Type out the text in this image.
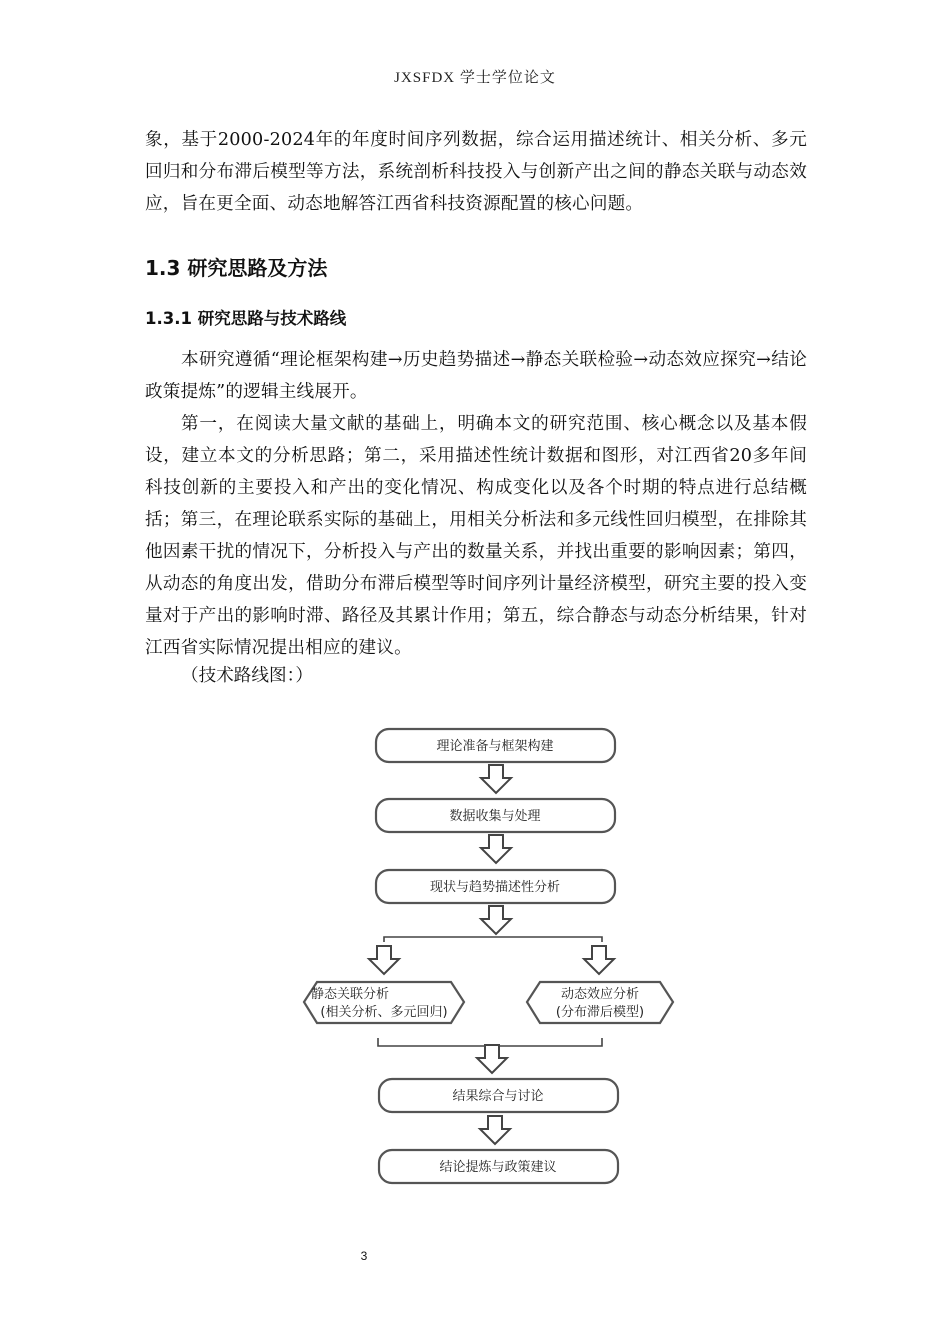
JXSFDX 学士学位论文
象，基于2000-2024年的年度时间序列数据，综合运用描述统计、相关分析、多元回归和分布滞后模型等方法，系统剖析科技投入与创新产出之间的静态关联与动态效应，旨在更全面、动态地解答江西省科技资源配置的核心问题。
1.3 研究思路及方法
1.3.1 研究思路与技术路线
本研究遵循“理论框架构建→历史趋势描述→静态关联检验→动态效应探究→结论政策提炼”的逻辑主线展开。
第一，在阅读大量文献的基础上，明确本文的研究范围、核心概念以及基本假设，建立本文的分析思路；第二，采用描述性统计数据和图形，对江西省20多年间科技创新的主要投入和产出的变化情况、构成变化以及各个时期的特点进行总结概括；第三，在理论联系实际的基础上，用相关分析法和多元线性回归模型，在排除其他因素干扰的情况下，分析投入与产出的数量关系，并找出重要的影响因素；第四，从动态的角度出发，借助分布滞后模型等时间序列计量经济模型，研究主要的投入变量对于产出的影响时滞、路径及其累计作用；第五，综合静态与动态分析结果，针对江西省实际情况提出相应的建议。
（技术路线图：）
理论准备与框架构建
数据收集与处理
现状与趋势描述性分析
静态关联分析
(相关分析、多元回归)
动态效应分析
(分布滞后模型)
结果综合与讨论
结论提炼与政策建议
3
